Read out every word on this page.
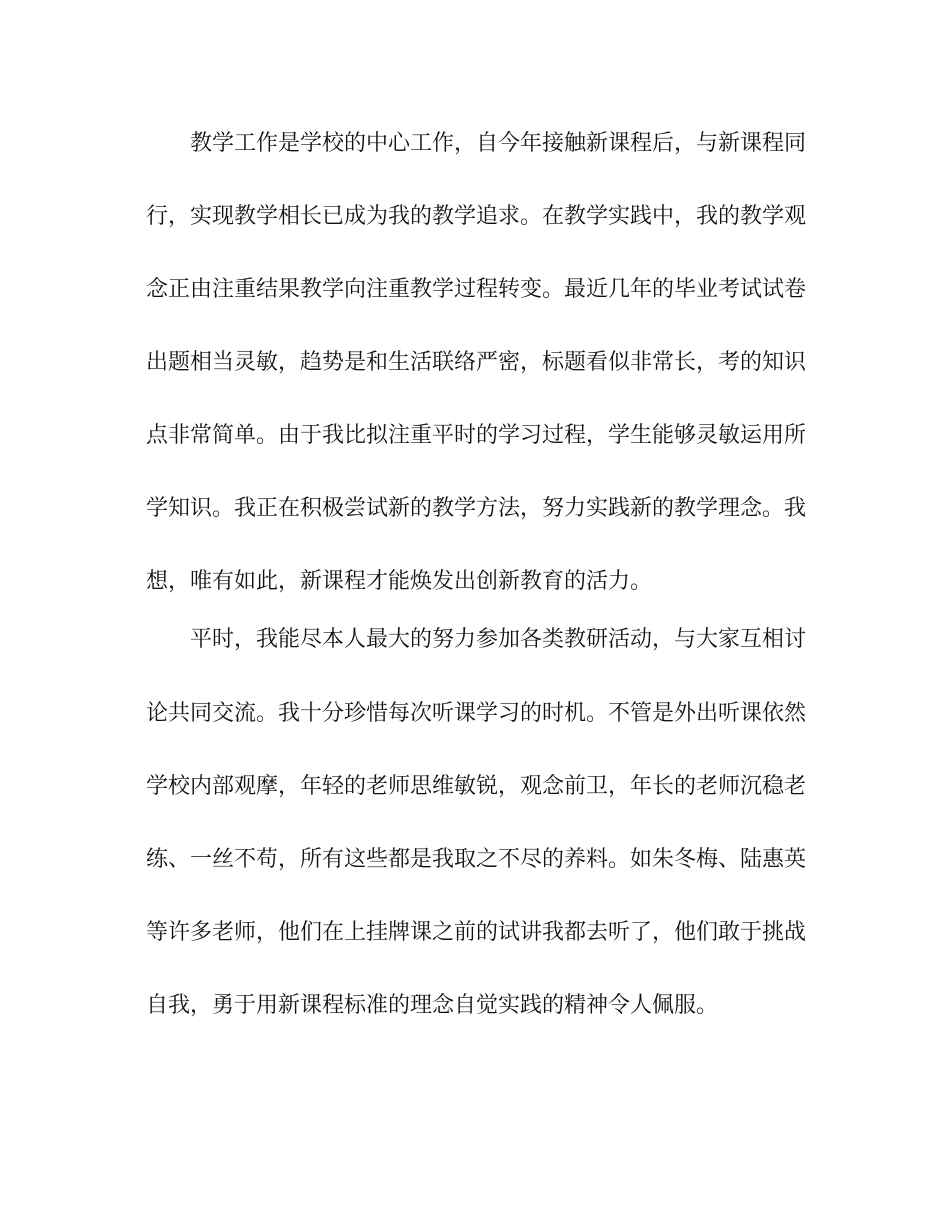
教学工作是学校的中心工作，自今年接触新课程后，与新课程同
行，实现教学相长已成为我的教学追求。在教学实践中，我的教学观
念正由注重结果教学向注重教学过程转变。最近几年的毕业考试试卷
出题相当灵敏，趋势是和生活联络严密，标题看似非常长，考的知识
点非常简单。由于我比拟注重平时的学习过程，学生能够灵敏运用所
学知识。我正在积极尝试新的教学方法，努力实践新的教学理念。我
想，唯有如此，新课程才能焕发出创新教育的活力。
平时，我能尽本人最大的努力参加各类教研活动，与大家互相讨
论共同交流。我十分珍惜每次听课学习的时机。不管是外出听课依然
学校内部观摩，年轻的老师思维敏锐，观念前卫，年长的老师沉稳老
练、一丝不苟，所有这些都是我取之不尽的养料。如朱冬梅、陆惠英
等许多老师，他们在上挂牌课之前的试讲我都去听了，他们敢于挑战
自我，勇于用新课程标准的理念自觉实践的精神令人佩服。
